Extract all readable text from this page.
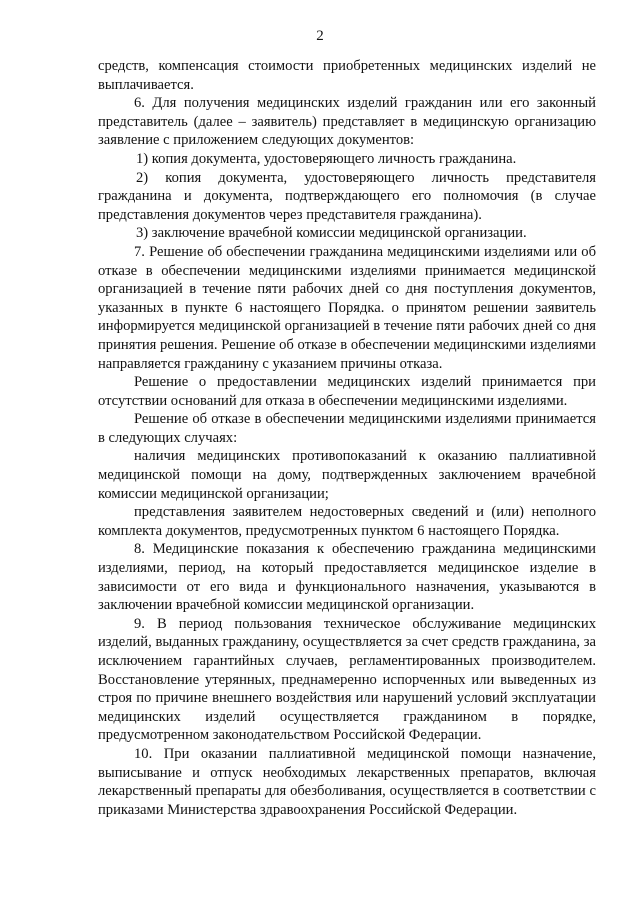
2

средств, компенсация стоимости приобретенных медицинских изделий не выплачивается.

6. Для получения медицинских изделий гражданин или его законный представитель (далее – заявитель) представляет в медицинскую организацию заявление с приложением следующих документов:

1) копия документа, удостоверяющего личность гражданина.

2) копия документа, удостоверяющего личность представителя гражданина и документа, подтверждающего его полномочия (в случае представления документов через представителя гражданина).

3) заключение врачебной комиссии медицинской организации.

7. Решение об обеспечении гражданина медицинскими изделиями или об отказе в обеспечении медицинскими изделиями принимается медицинской организацией в течение пяти рабочих дней со дня поступления документов, указанных в пункте 6 настоящего Порядка. о принятом решении заявитель информируется медицинской организацией в течение пяти рабочих дней со дня принятия решения. Решение об отказе в обеспечении медицинскими изделиями направляется гражданину с указанием причины отказа.

Решение о предоставлении медицинских изделий принимается при отсутствии оснований для отказа в обеспечении медицинскими изделиями.

Решение об отказе в обеспечении медицинскими изделиями принимается в следующих случаях:

наличия медицинских противопоказаний к оказанию паллиативной медицинской помощи на дому, подтвержденных заключением врачебной комиссии медицинской организации;

представления заявителем недостоверных сведений и (или) неполного комплекта документов, предусмотренных пунктом 6 настоящего Порядка.

8. Медицинские показания к обеспечению гражданина медицинскими изделиями, период, на который предоставляется медицинское изделие в зависимости от его вида и функционального назначения, указываются в заключении врачебной комиссии медицинской организации.

9. В период пользования техническое обслуживание медицинских изделий, выданных гражданину, осуществляется за счет средств гражданина, за исключением гарантийных случаев, регламентированных производителем. Восстановление утерянных, преднамеренно испорченных или выведенных из строя по причине внешнего воздействия или нарушений условий эксплуатации медицинских изделий осуществляется гражданином в порядке, предусмотренном законодательством Российской Федерации.

10. При оказании паллиативной медицинской помощи назначение, выписывание и отпуск необходимых лекарственных препаратов, включая лекарственный препараты для обезболивания, осуществляется в соответствии с приказами Министерства здравоохранения Российской Федерации.
